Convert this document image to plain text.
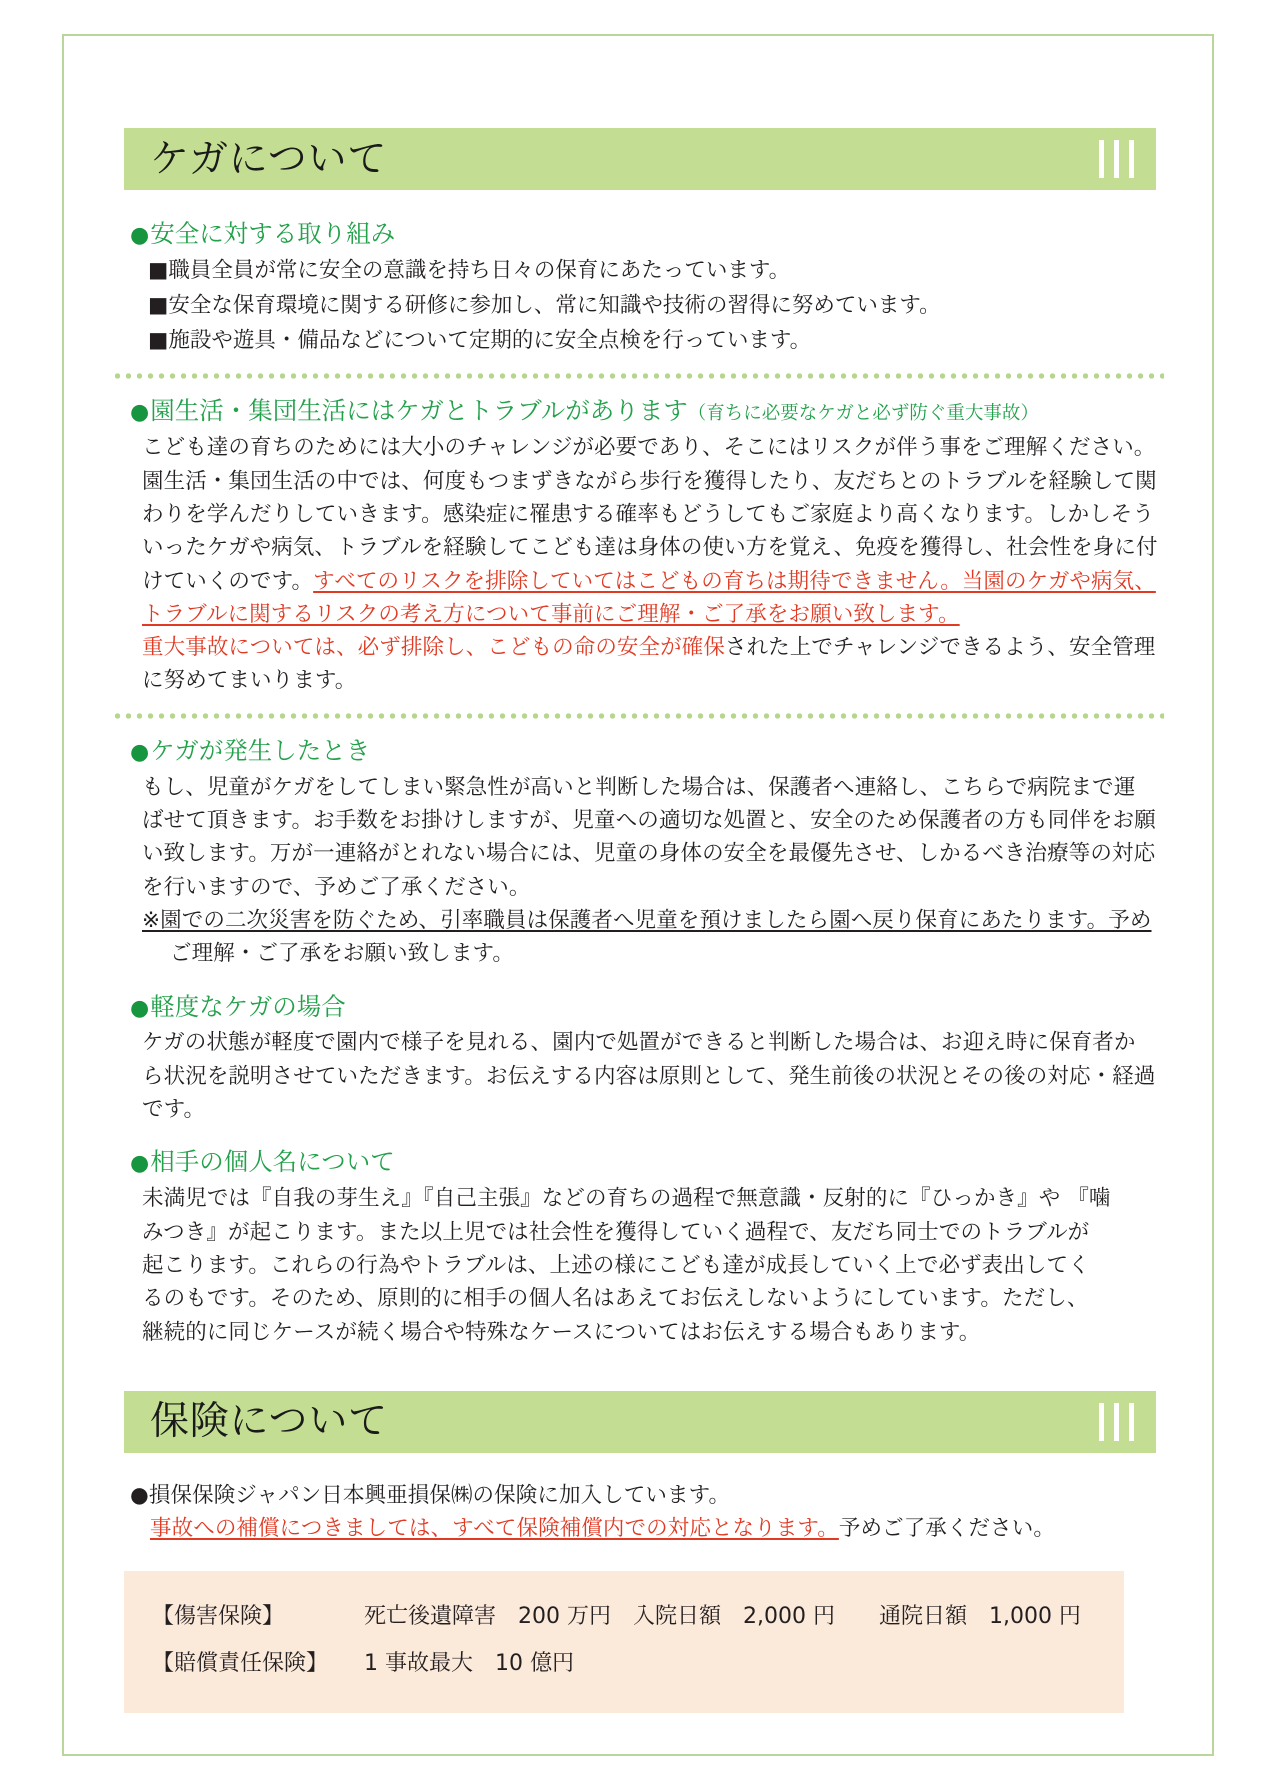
ケガについて
●安全に対する取り組み
■職員全員が常に安全の意識を持ち日々の保育にあたっています。
■安全な保育環境に関する研修に参加し、常に知識や技術の習得に努めています。
■施設や遊具・備品などについて定期的に安全点検を行っています。
●園生活・集団生活にはケガとトラブルがあります（育ちに必要なケガと必ず防ぐ重大事故）
こども達の育ちのためには大小のチャレンジが必要であり、そこにはリスクが伴う事をご理解ください。
園生活・集団生活の中では、何度もつまずきながら歩行を獲得したり、友だちとのトラブルを経験して関
わりを学んだりしていきます。感染症に罹患する確率もどうしてもご家庭より高くなります。しかしそう
いったケガや病気、トラブルを経験してこども達は身体の使い方を覚え、免疫を獲得し、社会性を身に付
けていくのです。すべてのリスクを排除していてはこどもの育ちは期待できません。当園のケガや病気、
トラブルに関するリスクの考え方について事前にご理解・ご了承をお願い致します。
重大事故については、必ず排除し、こどもの命の安全が確保された上でチャレンジできるよう、安全管理
に努めてまいります。
●ケガが発生したとき
もし、児童がケガをしてしまい緊急性が高いと判断した場合は、保護者へ連絡し、こちらで病院まで運
ばせて頂きます。お手数をお掛けしますが、児童への適切な処置と、安全のため保護者の方も同伴をお願
い致します。万が一連絡がとれない場合には、児童の身体の安全を最優先させ、しかるべき治療等の対応
を行いますので、予めご了承ください。
※園での二次災害を防ぐため、引率職員は保護者へ児童を預けましたら園へ戻り保育にあたります。予め
ご理解・ご了承をお願い致します。
●軽度なケガの場合
ケガの状態が軽度で園内で様子を見れる、園内で処置ができると判断した場合は、お迎え時に保育者か
ら状況を説明させていただきます。お伝えする内容は原則として、発生前後の状況とその後の対応・経過
です。
●相手の個人名について
未満児では『自我の芽生え』『自己主張』などの育ちの過程で無意識・反射的に『ひっかき』や 『噛
みつき』が起こります。また以上児では社会性を獲得していく過程で、友だち同士でのトラブルが
起こります。これらの行為やトラブルは、上述の様にこども達が成長していく上で必ず表出してく
るのもです。そのため、原則的に相手の個人名はあえてお伝えしないようにしています。ただし、
継続的に同じケースが続く場合や特殊なケースについてはお伝えする場合もあります。
保険について
●損保保険ジャパン日本興亜損保㈱の保険に加入しています。
事故への補償につきましては、すべて保険補償内での対応となります。予めご了承ください。
【傷害保険】	死亡後遺障害　200 万円　入院日額　2,000 円　　通院日額　1,000 円
【賠償責任保険】	1 事故最大　10 億円
